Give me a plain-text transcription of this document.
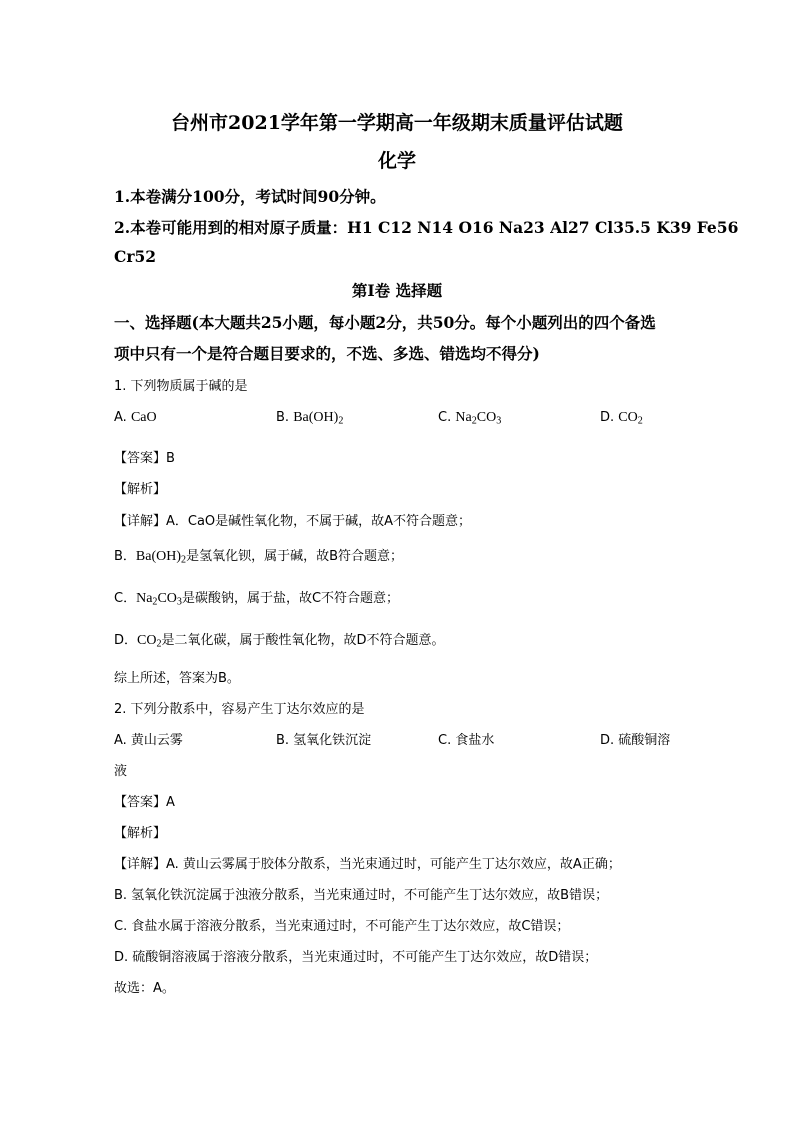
台州市2021学年第一学期高一年级期末质量评估试题
化学
1.本卷满分100分，考试时间90分钟。
2.本卷可能用到的相对原子质量：H1 C12 N14 O16 Na23 Al27 Cl35.5 K39 Fe56
Cr52
第I卷 选择题
一、选择题(本大题共25小题，每小题2分，共50分。每个小题列出的四个备选
项中只有一个是符合题目要求的，不选、多选、错选均不得分)
1. 下列物质属于碱的是
A. CaO	B. $Ba(OH)_2$	C. $Na_2CO_3$	D. $CO_2$
【答案】B
【解析】
【详解】A．CaO是碱性氧化物，不属于碱，故A不符合题意；
B．$Ba(OH)_2$是氢氧化钡，属于碱，故B符合题意；
C．$Na_2CO_3$是碳酸钠，属于盐，故C不符合题意；
D．$CO_2$是二氧化碳，属于酸性氧化物，故D不符合题意。
综上所述，答案为B。
2. 下列分散系中，容易产生丁达尔效应的是
A. 黄山云雾	B. 氢氧化铁沉淀	C. 食盐水	D. 硫酸铜溶
液
【答案】A
【解析】
【详解】A. 黄山云雾属于胶体分散系，当光束通过时，可能产生丁达尔效应，故A正确；
B. 氢氧化铁沉淀属于浊液分散系，当光束通过时，不可能产生丁达尔效应，故B错误；
C. 食盐水属于溶液分散系，当光束通过时，不可能产生丁达尔效应，故C错误；
D. 硫酸铜溶液属于溶液分散系，当光束通过时，不可能产生丁达尔效应，故D错误；
故选：A。
